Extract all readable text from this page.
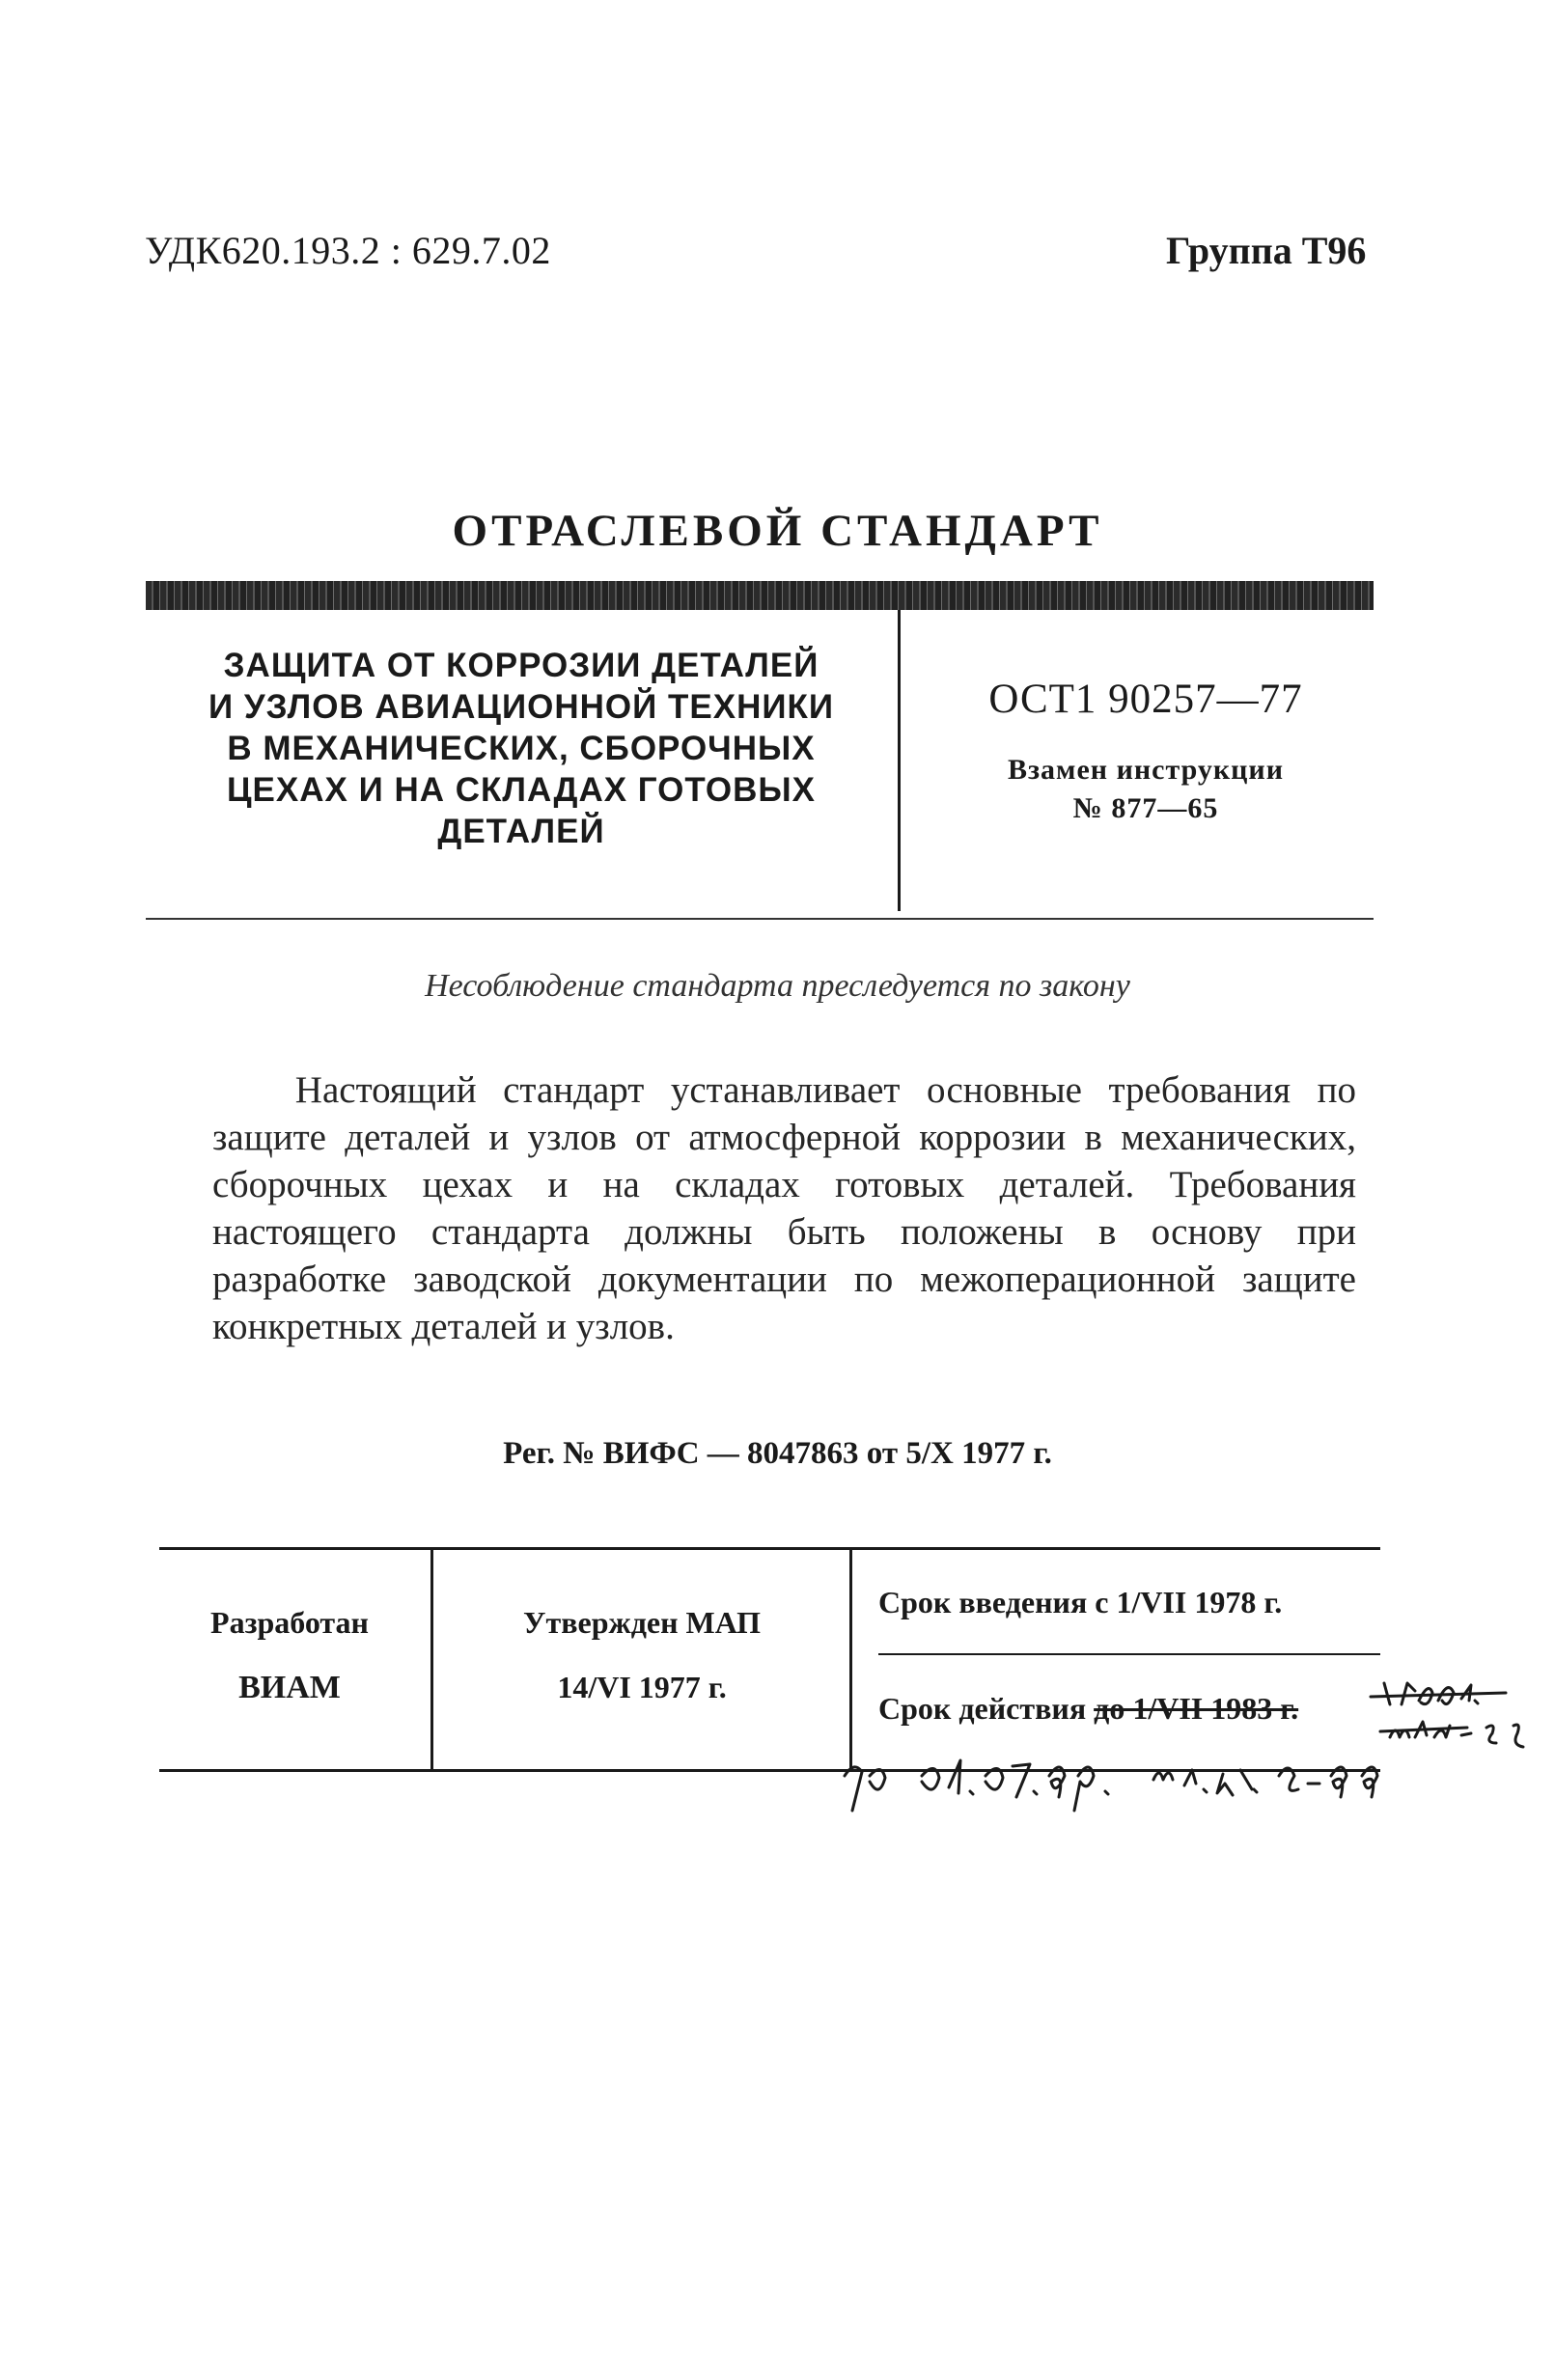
УДК620.193.2 : 629.7.02	Группа Т96
ОТРАСЛЕВОЙ СТАНДАРТ
ЗАЩИТА ОТ КОРРОЗИИ ДЕТАЛЕЙ
И УЗЛОВ АВИАЦИОННОЙ ТЕХНИКИ
В МЕХАНИЧЕСКИХ, СБОРОЧНЫХ
ЦЕХАХ И НА СКЛАДАХ ГОТОВЫХ
ДЕТАЛЕЙ
ОСТ1 90257—77
Взамен инструкции
№ 877—65
Несоблюдение стандарта преследуется по закону
Настоящий стандарт устанавливает основные требования по защите деталей и узлов от атмосферной коррозии в механических, сборочных цехах и на складах готовых деталей. Требования настоящего стандарта должны быть положены в основу при разработке заводской документации по межоперационной защите конкретных деталей и узлов.
Рег. № ВИФС — 8047863 от 5/X 1977 г.
Разработан
ВИАМ
Утвержден МАП
14/VI 1977 г.
Срок введения с 1/VII 1978 г.
Срок действия до 1/VII 1983 г.
